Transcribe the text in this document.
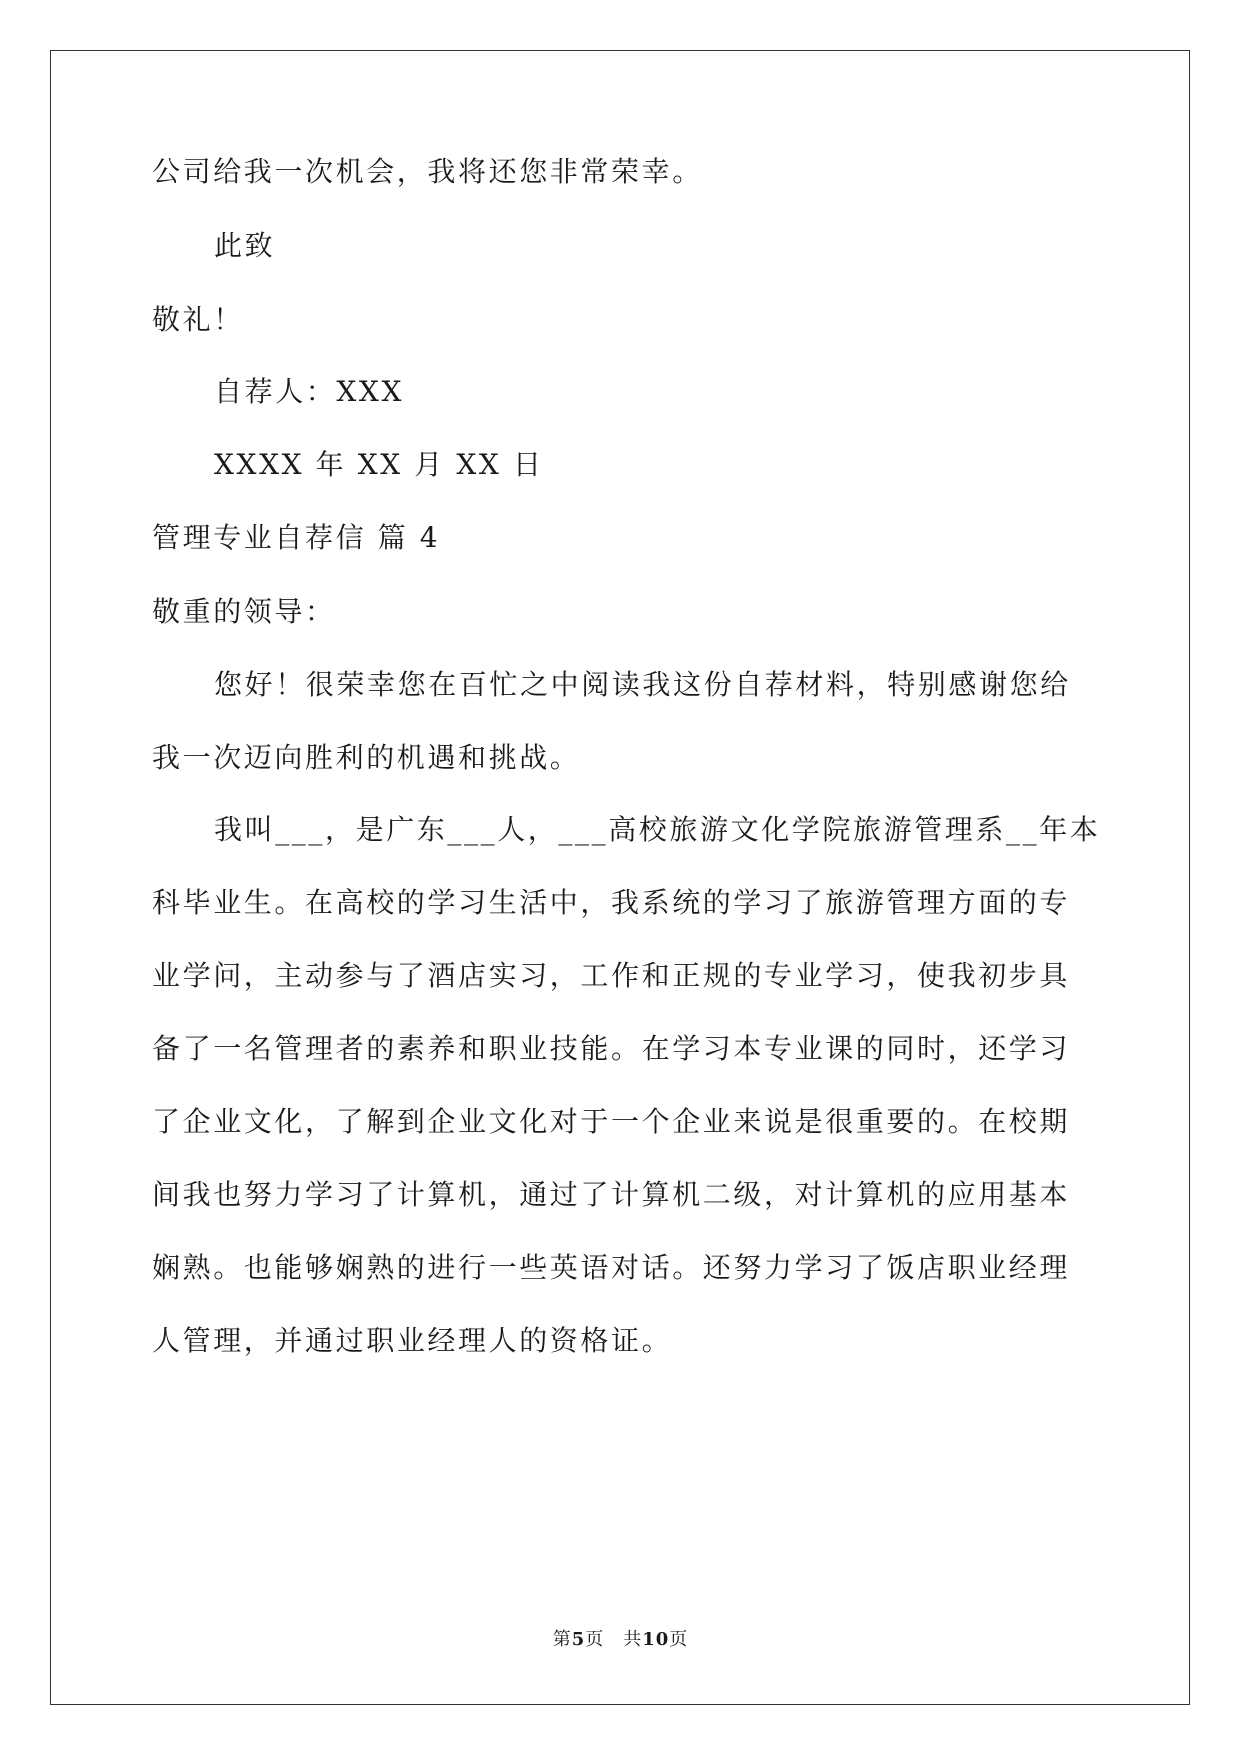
公司给我一次机会，我将还您非常荣幸。
此致
敬礼！
自荐人：XXX
XXXX 年 XX 月 XX 日
管理专业自荐信 篇 4
敬重的领导：
您好！很荣幸您在百忙之中阅读我这份自荐材料，特别感谢您给
我一次迈向胜利的机遇和挑战。
我叫___，是广东___人，___高校旅游文化学院旅游管理系__年本
科毕业生。在高校的学习生活中，我系统的学习了旅游管理方面的专
业学问，主动参与了酒店实习，工作和正规的专业学习，使我初步具
备了一名管理者的素养和职业技能。在学习本专业课的同时，还学习
了企业文化，了解到企业文化对于一个企业来说是很重要的。在校期
间我也努力学习了计算机，通过了计算机二级，对计算机的应用基本
娴熟。也能够娴熟的进行一些英语对话。还努力学习了饭店职业经理
人管理，并通过职业经理人的资格证。
第5页　共10页
